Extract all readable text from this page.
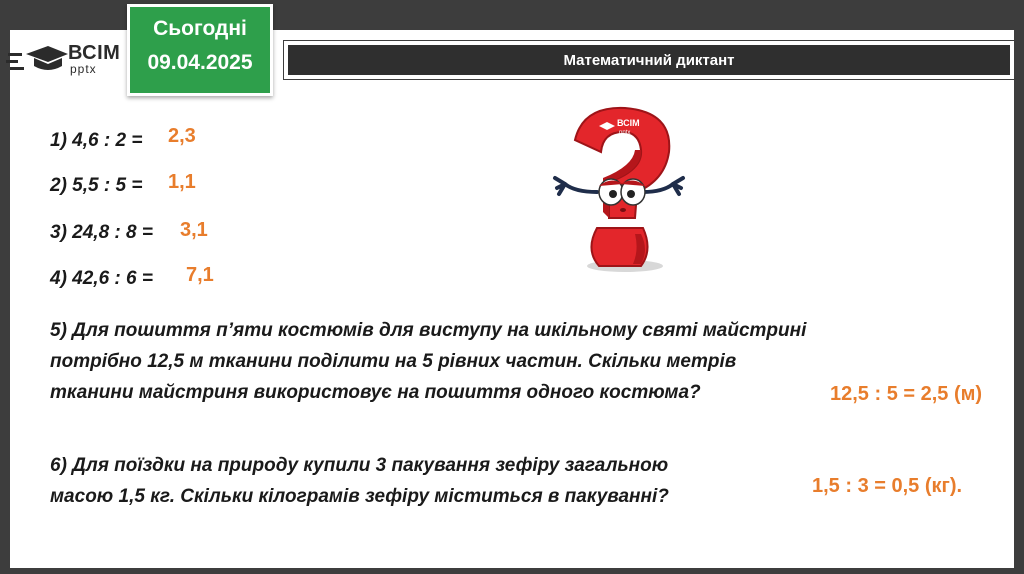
ВСІМ
pptx
Сьогодні
09.04.2025	Математичний диктант
1) 4,6 : 2 = 2,3
2) 5,5 : 5 = 1,1
3) 24,8 : 8 = 3,1
4) 42,6 : 6 = 7,1
5) Для пошиття п’яти костюмів для виступу на шкільному святі майстрині
потрібно 12,5 м тканини поділити на 5 рівних частин. Скільки метрів
тканини майстриня використовує на пошиття одного костюма?	12,5 : 5 = 2,5 (м)
6) Для поїздки на природу купили 3 пакування зефіру загальною
масою 1,5 кг. Скільки кілограмів зефіру міститься в пакуванні?	1,5 : 3 = 0,5 (кг).
ВСІМ
pptx
